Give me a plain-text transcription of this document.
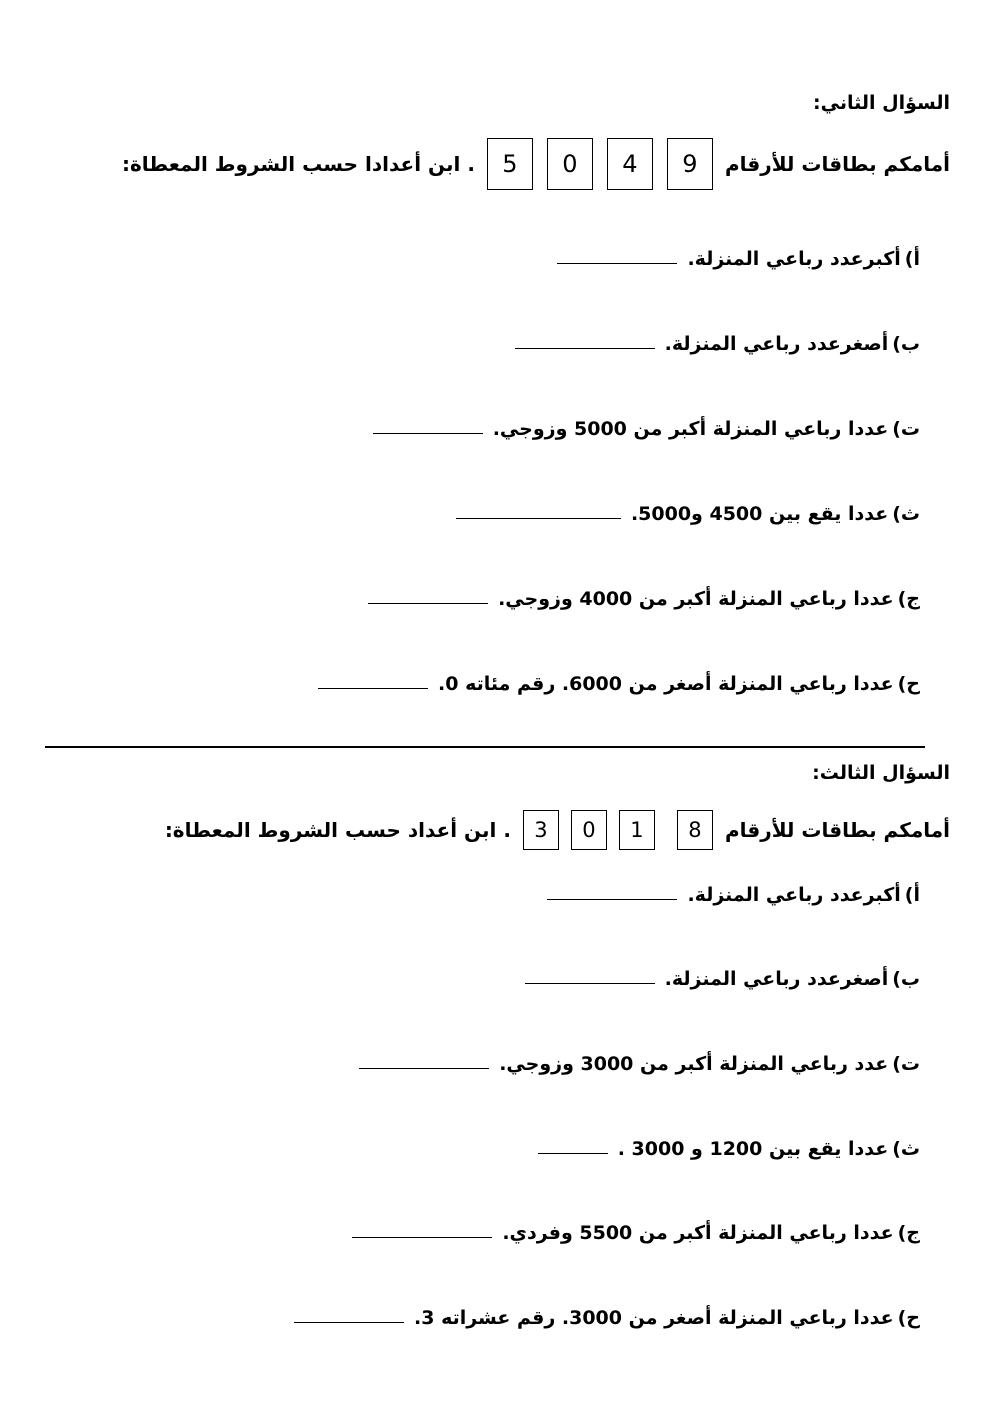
السؤال الثاني:
أمامكم بطاقات للأرقام
9
4
0
5
. ابن أعدادا حسب الشروط المعطاة:
أ)
أكبرعدد رباعي المنزلة.
ب)
أصغرعدد رباعي المنزلة.
ت)
عددا رباعي المنزلة أكبر من 5000 وزوجي.
ث)
عددا يقع بين 4500 و5000.
ج)
عددا رباعي المنزلة أكبر من 4000 وزوجي.
ح)
عددا رباعي المنزلة أصغر من 6000. رقم مئاته 0.
السؤال الثالث:
أمامكم بطاقات للأرقام
8
1
0
3
. ابن أعداد حسب الشروط المعطاة:
أ)
أكبرعدد رباعي المنزلة.
ب)
أصغرعدد رباعي المنزلة.
ت)
عدد رباعي المنزلة أكبر من 3000 وزوجي.
ث)
عددا يقع بين 1200 و 3000 .
ج)
عددا رباعي المنزلة أكبر من 5500 وفردي.
ح)
عددا رباعي المنزلة أصغر من 3000. رقم عشراته 3.
